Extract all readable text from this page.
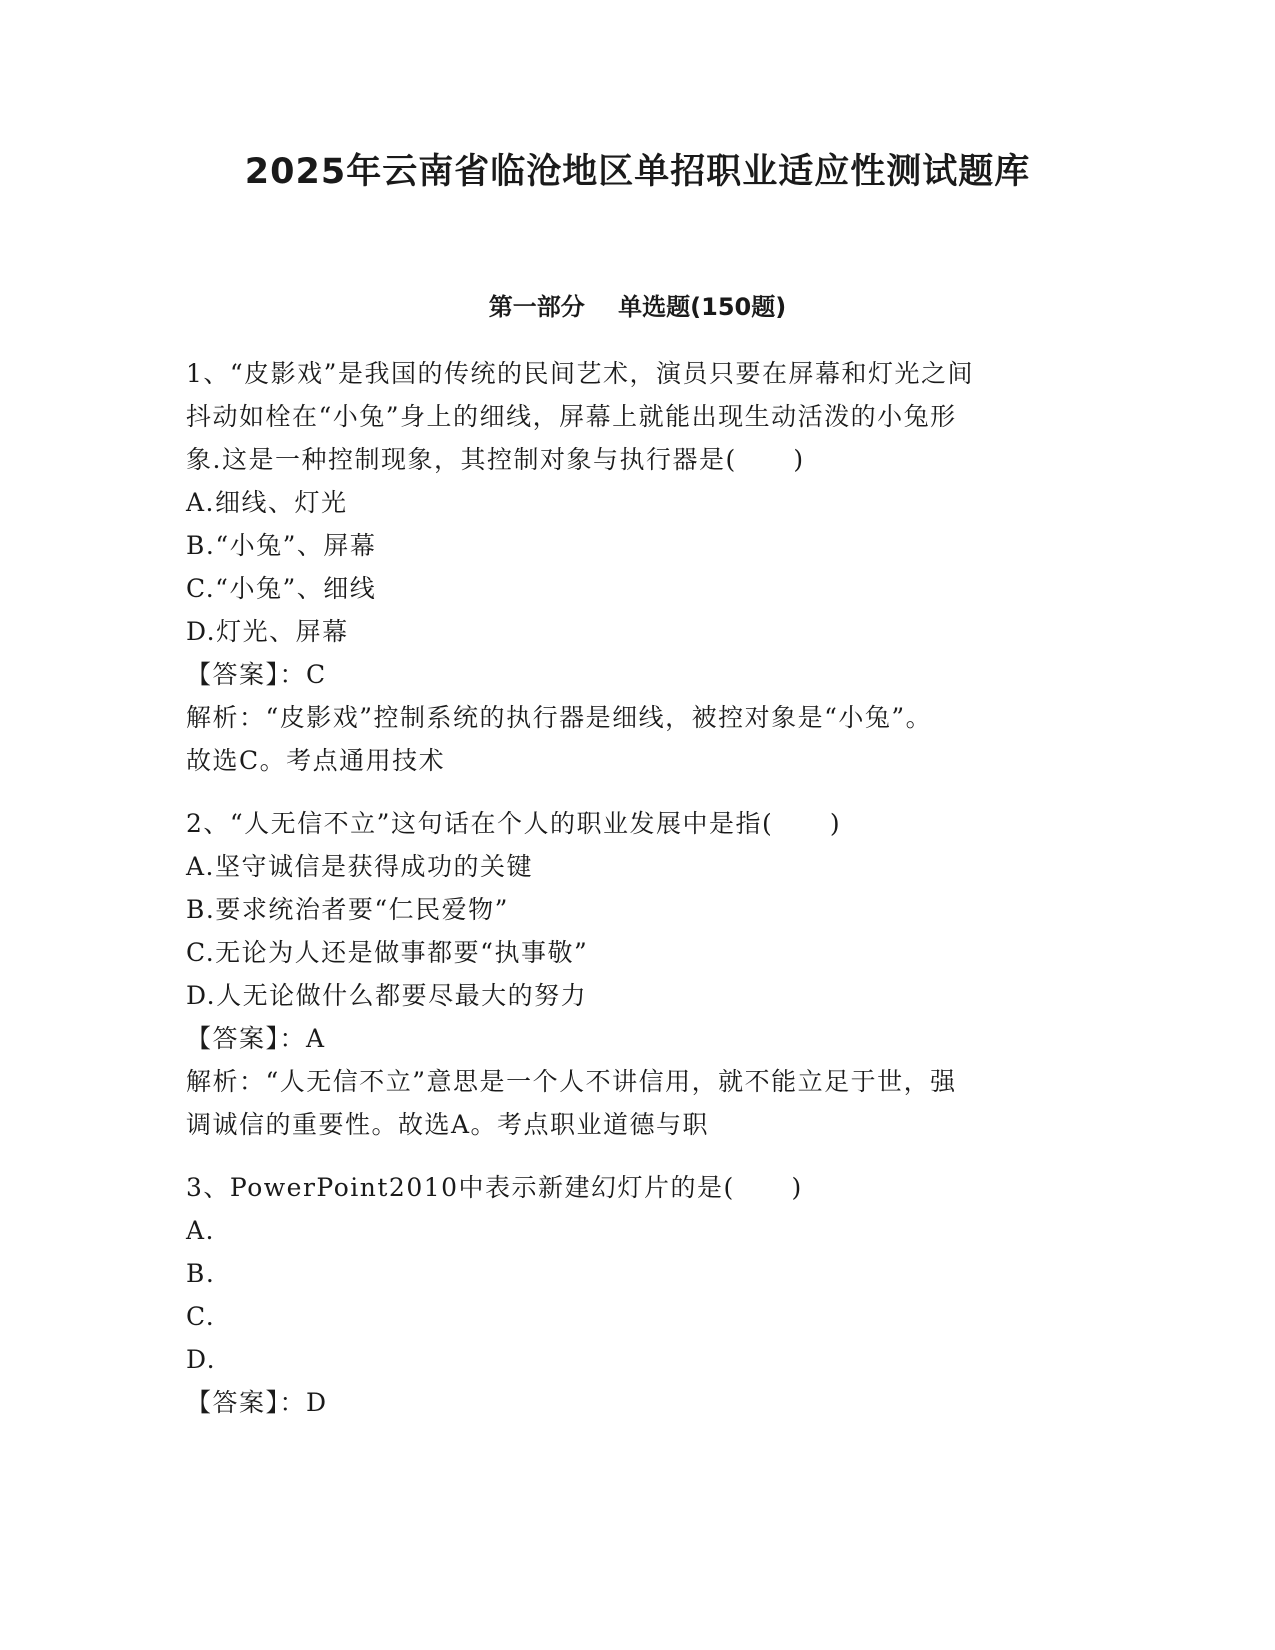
2025年云南省临沧地区单招职业适应性测试题库
第一部分    单选题(150题)
1、“皮影戏”是我国的传统的民间艺术，演员只要在屏幕和灯光之间
抖动如栓在“小兔”身上的细线，屏幕上就能出现生动活泼的小兔形
象.这是一种控制现象，其控制对象与执行器是(      )
A.细线、灯光
B.“小兔”、屏幕
C.“小兔”、细线
D.灯光、屏幕
【答案】：C
解析：“皮影戏”控制系统的执行器是细线，被控对象是“小兔”。
故选C。考点通用技术
2、“人无信不立”这句话在个人的职业发展中是指(      )
A.坚守诚信是获得成功的关键
B.要求统治者要“仁民爱物”
C.无论为人还是做事都要“执事敬”
D.人无论做什么都要尽最大的努力
【答案】：A
解析：“人无信不立”意思是一个人不讲信用，就不能立足于世，强
调诚信的重要性。故选A。考点职业道德与职
3、PowerPoint2010中表示新建幻灯片的是(      )
A.
B.
C.
D.
【答案】：D
